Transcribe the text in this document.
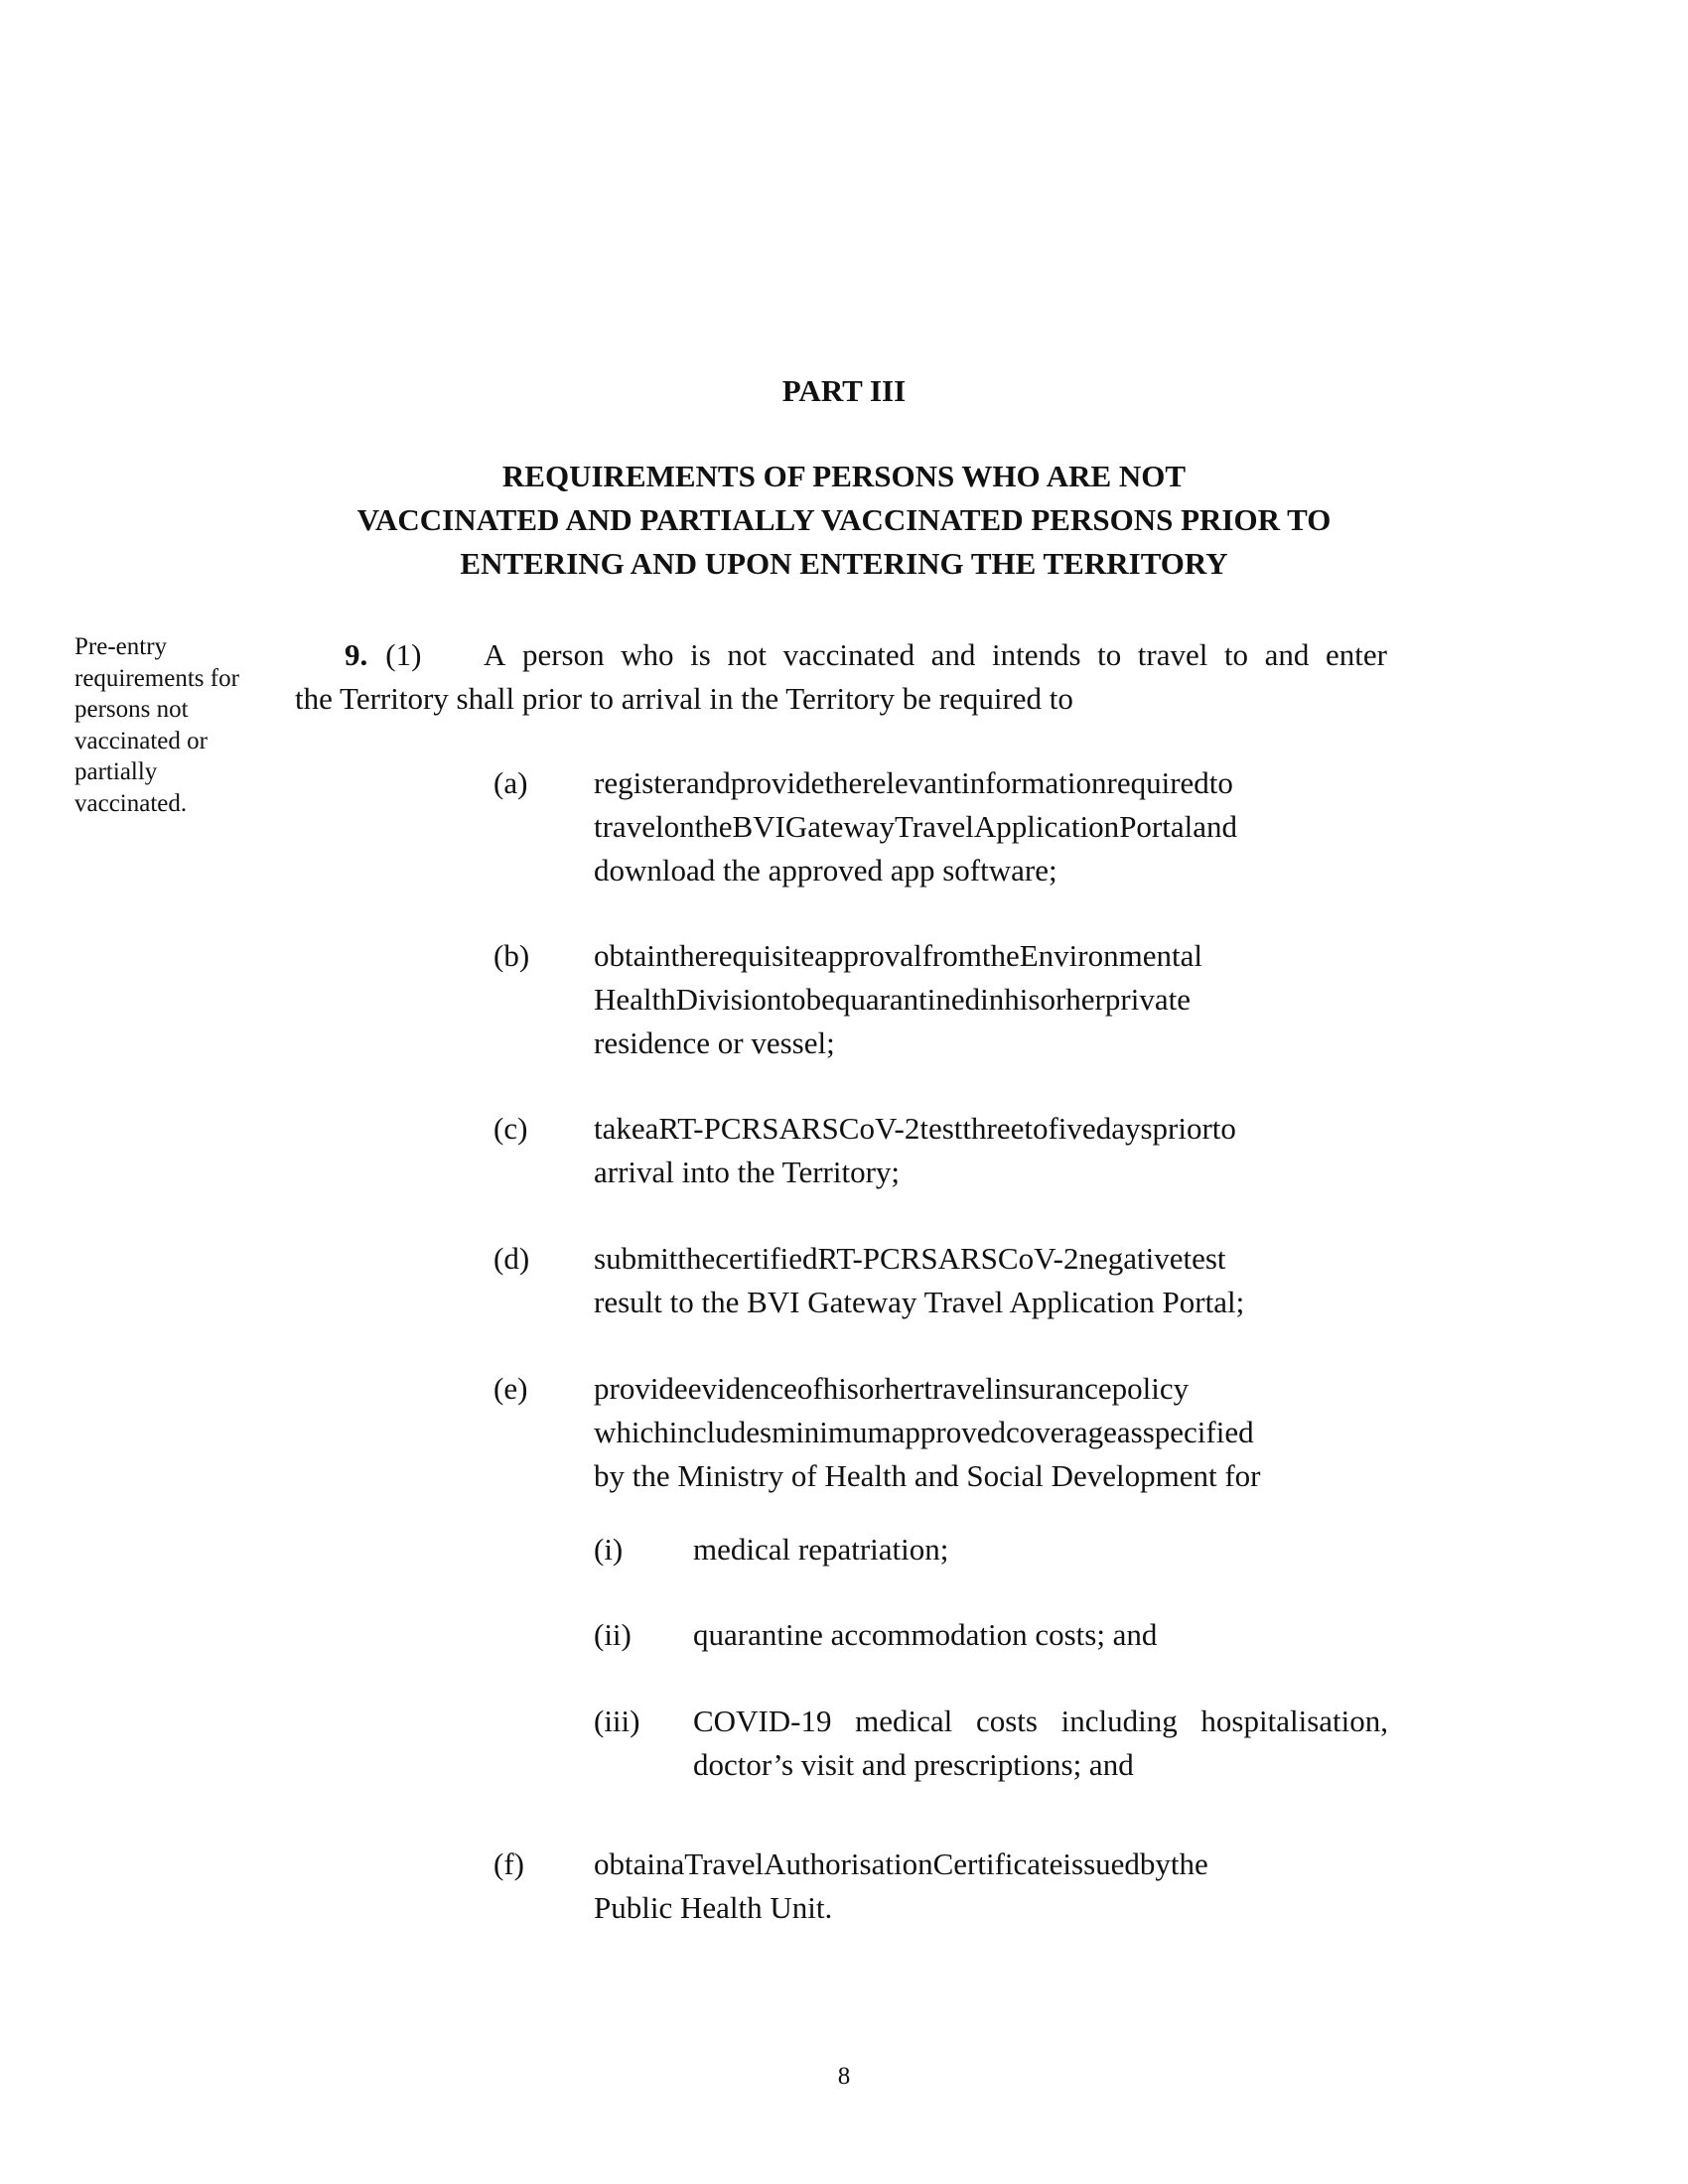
PART III
REQUIREMENTS OF PERSONS WHO ARE NOT
VACCINATED AND PARTIALLY VACCINATED PERSONS PRIOR TO
ENTERING AND UPON ENTERING THE TERRITORY
Pre-entry
requirements for
persons not
vaccinated or
partially
vaccinated.
9. (1) A person who is not vaccinated and intends to travel to and enter
the Territory shall prior to arrival in the Territory be required to
(a) registerandprovidetherelevantinformationrequiredto
travelontheBVIGatewayTravelApplicationPortaland
download the approved app software;
(b) obtaintherequisiteapprovalfromtheEnvironmental
HealthDivisiontobequarantinedinhisorherprivate
residence or vessel;
(c) takeaRT-PCRSARSCoV-2testthreetofivedayspriorto
arrival into the Territory;
(d) submitthecertifiedRT-PCRSARSCoV-2negativetest
result to the BVI Gateway Travel Application Portal;
(e) provideevidenceofhisorhertravelinsurancepolicy
whichincludesminimumapprovedcoverageasspecified
by the Ministry of Health and Social Development for
(f) obtainaTravelAuthorisationCertificateissuedbythe
Public Health Unit.
(i) medical repatriation;
(ii) quarantine accommodation costs; and
(iii) COVID-19 medical costs including hospitalisation,
doctor’s visit and prescriptions; and
8
